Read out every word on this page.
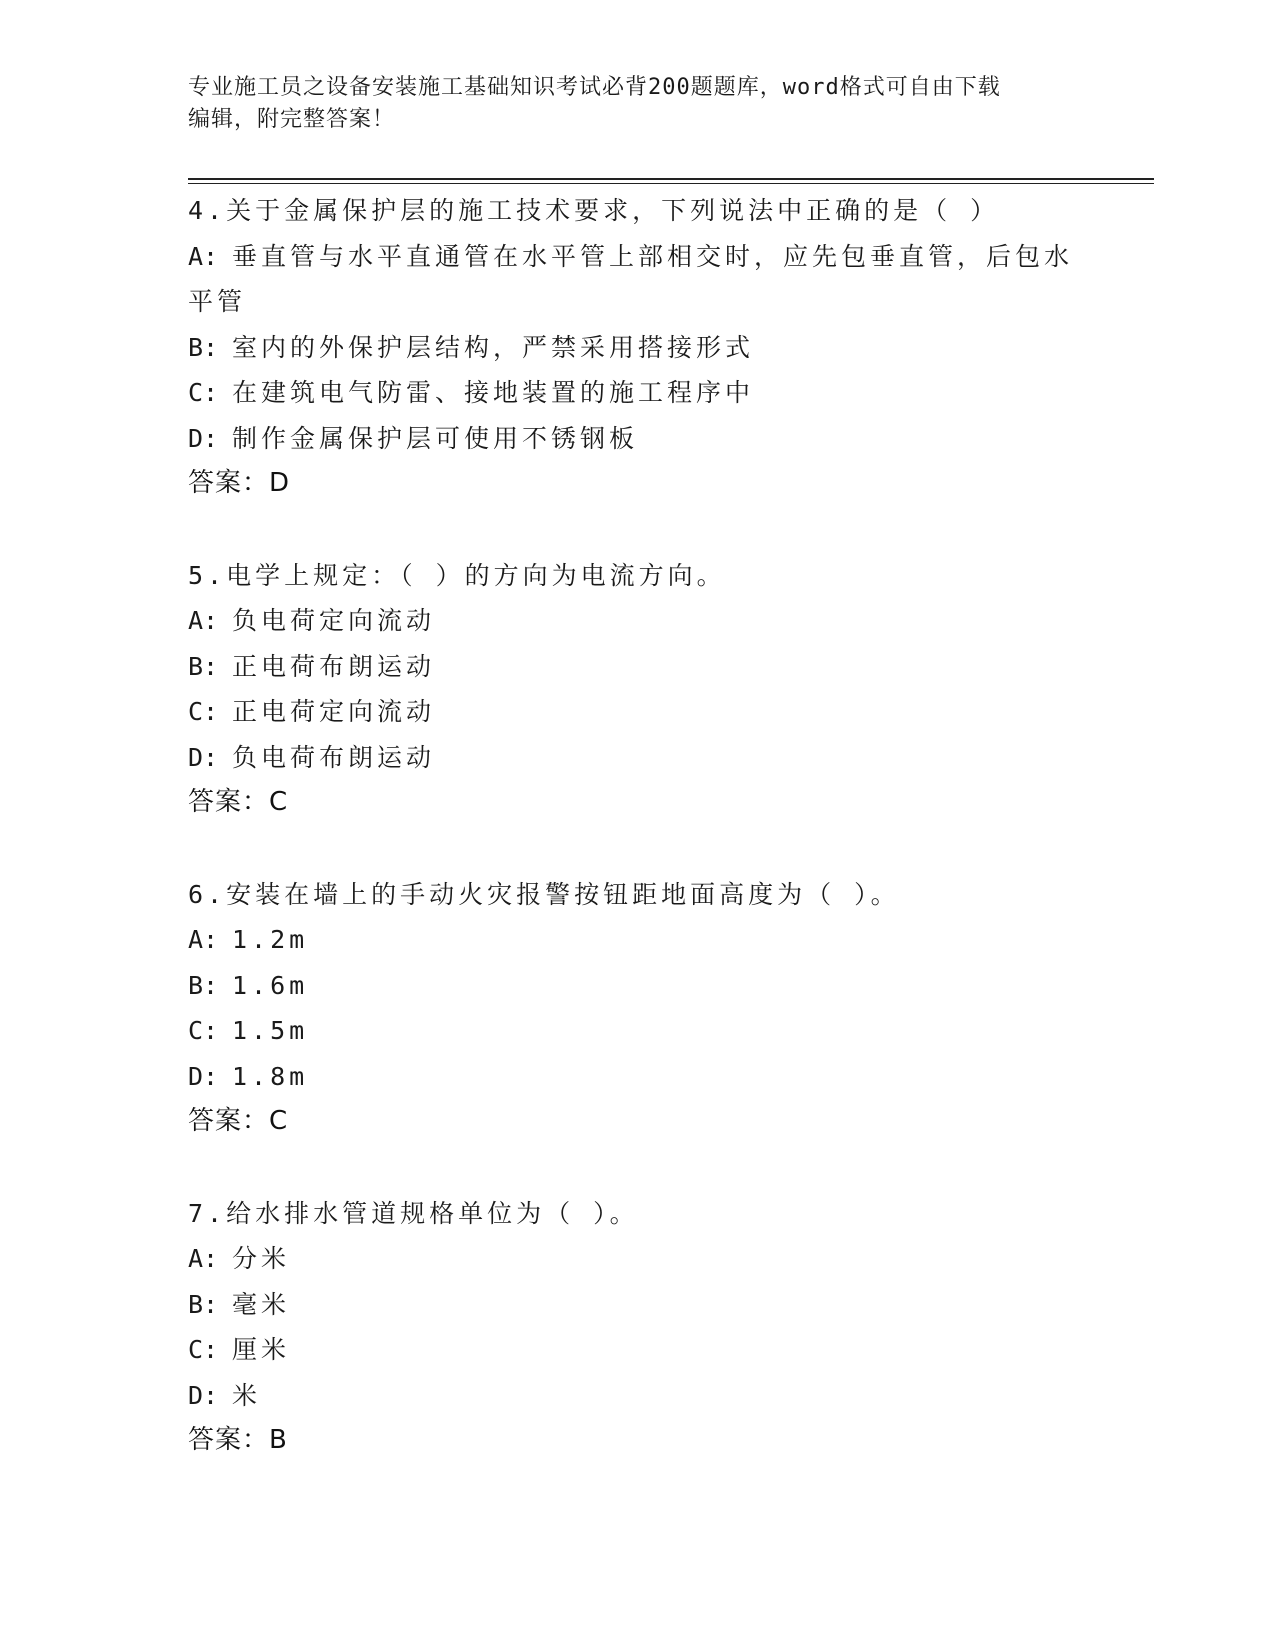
专业施工员之设备安装施工基础知识考试必背200题题库，word格式可自由下载
编辑，附完整答案！
4.关于金属保护层的施工技术要求，下列说法中正确的是（ ）
A: 垂直管与水平直通管在水平管上部相交时，应先包垂直管，后包水
平管
B: 室内的外保护层结构，严禁采用搭接形式
C: 在建筑电气防雷、接地装置的施工程序中
D: 制作金属保护层可使用不锈钢板
答案：D
5.电学上规定：（ ）的方向为电流方向。
A: 负电荷定向流动
B: 正电荷布朗运动
C: 正电荷定向流动
D: 负电荷布朗运动
答案：C
6.安装在墙上的手动火灾报警按钮距地面高度为（ ）。
A: 1.2m
B: 1.6m
C: 1.5m
D: 1.8m
答案：C
7.给水排水管道规格单位为（ ）。
A: 分米
B: 毫米
C: 厘米
D: 米
答案：B
